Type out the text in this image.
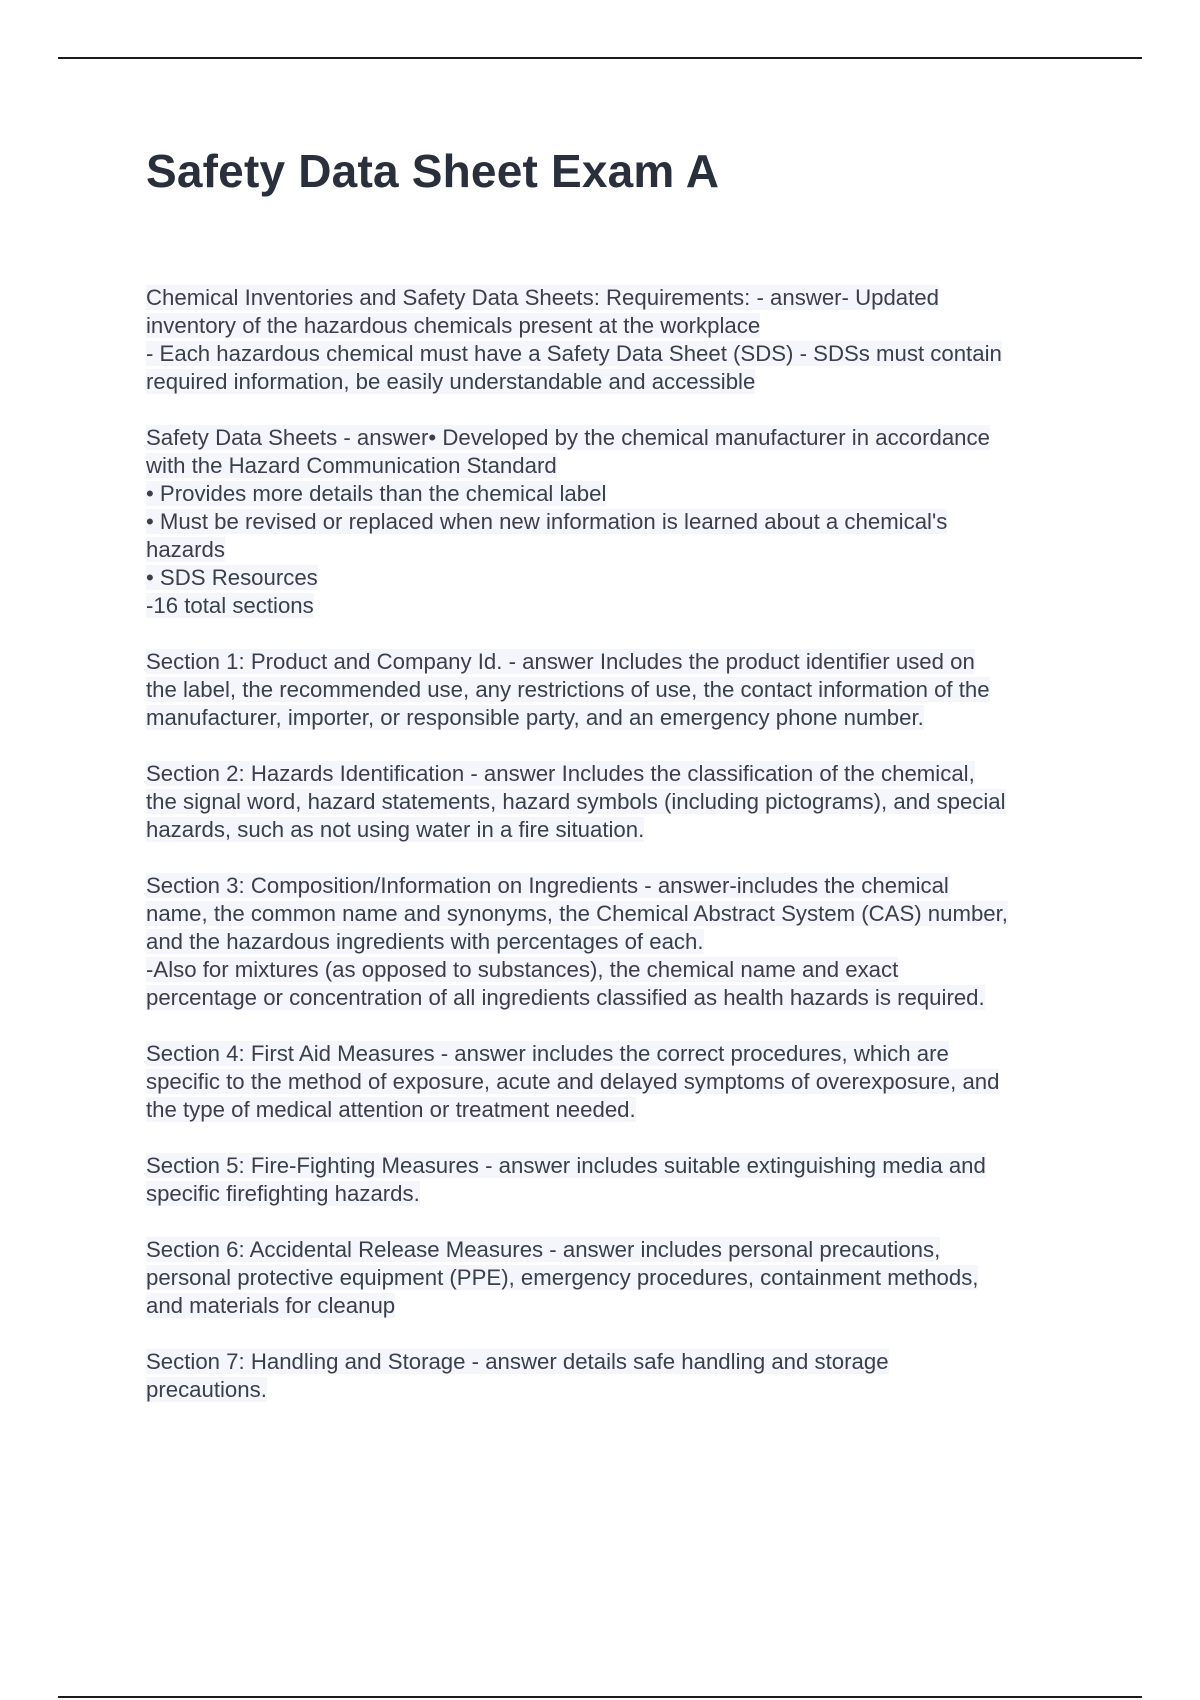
Safety Data Sheet Exam A
Chemical Inventories and Safety Data Sheets: Requirements: - answer- Updated
inventory of the hazardous chemicals present at the workplace
- Each hazardous chemical must have a Safety Data Sheet (SDS) - SDSs must contain
required information, be easily understandable and accessible
Safety Data Sheets - answer• Developed by the chemical manufacturer in accordance
with the Hazard Communication Standard
• Provides more details than the chemical label
• Must be revised or replaced when new information is learned about a chemical's
hazards
• SDS Resources
-16 total sections
Section 1: Product and Company Id. - answer Includes the product identifier used on
the label, the recommended use, any restrictions of use, the contact information of the
manufacturer, importer, or responsible party, and an emergency phone number.
Section 2: Hazards Identification - answer Includes the classification of the chemical,
the signal word, hazard statements, hazard symbols (including pictograms), and special
hazards, such as not using water in a fire situation.
Section 3: Composition/Information on Ingredients - answer-includes the chemical
name, the common name and synonyms, the Chemical Abstract System (CAS) number,
and the hazardous ingredients with percentages of each.
-Also for mixtures (as opposed to substances), the chemical name and exact
percentage or concentration of all ingredients classified as health hazards is required.
Section 4: First Aid Measures - answer includes the correct procedures, which are
specific to the method of exposure, acute and delayed symptoms of overexposure, and
the type of medical attention or treatment needed.
Section 5: Fire-Fighting Measures - answer includes suitable extinguishing media and
specific firefighting hazards.
Section 6: Accidental Release Measures - answer includes personal precautions,
personal protective equipment (PPE), emergency procedures, containment methods,
and materials for cleanup
Section 7: Handling and Storage - answer details safe handling and storage
precautions.
